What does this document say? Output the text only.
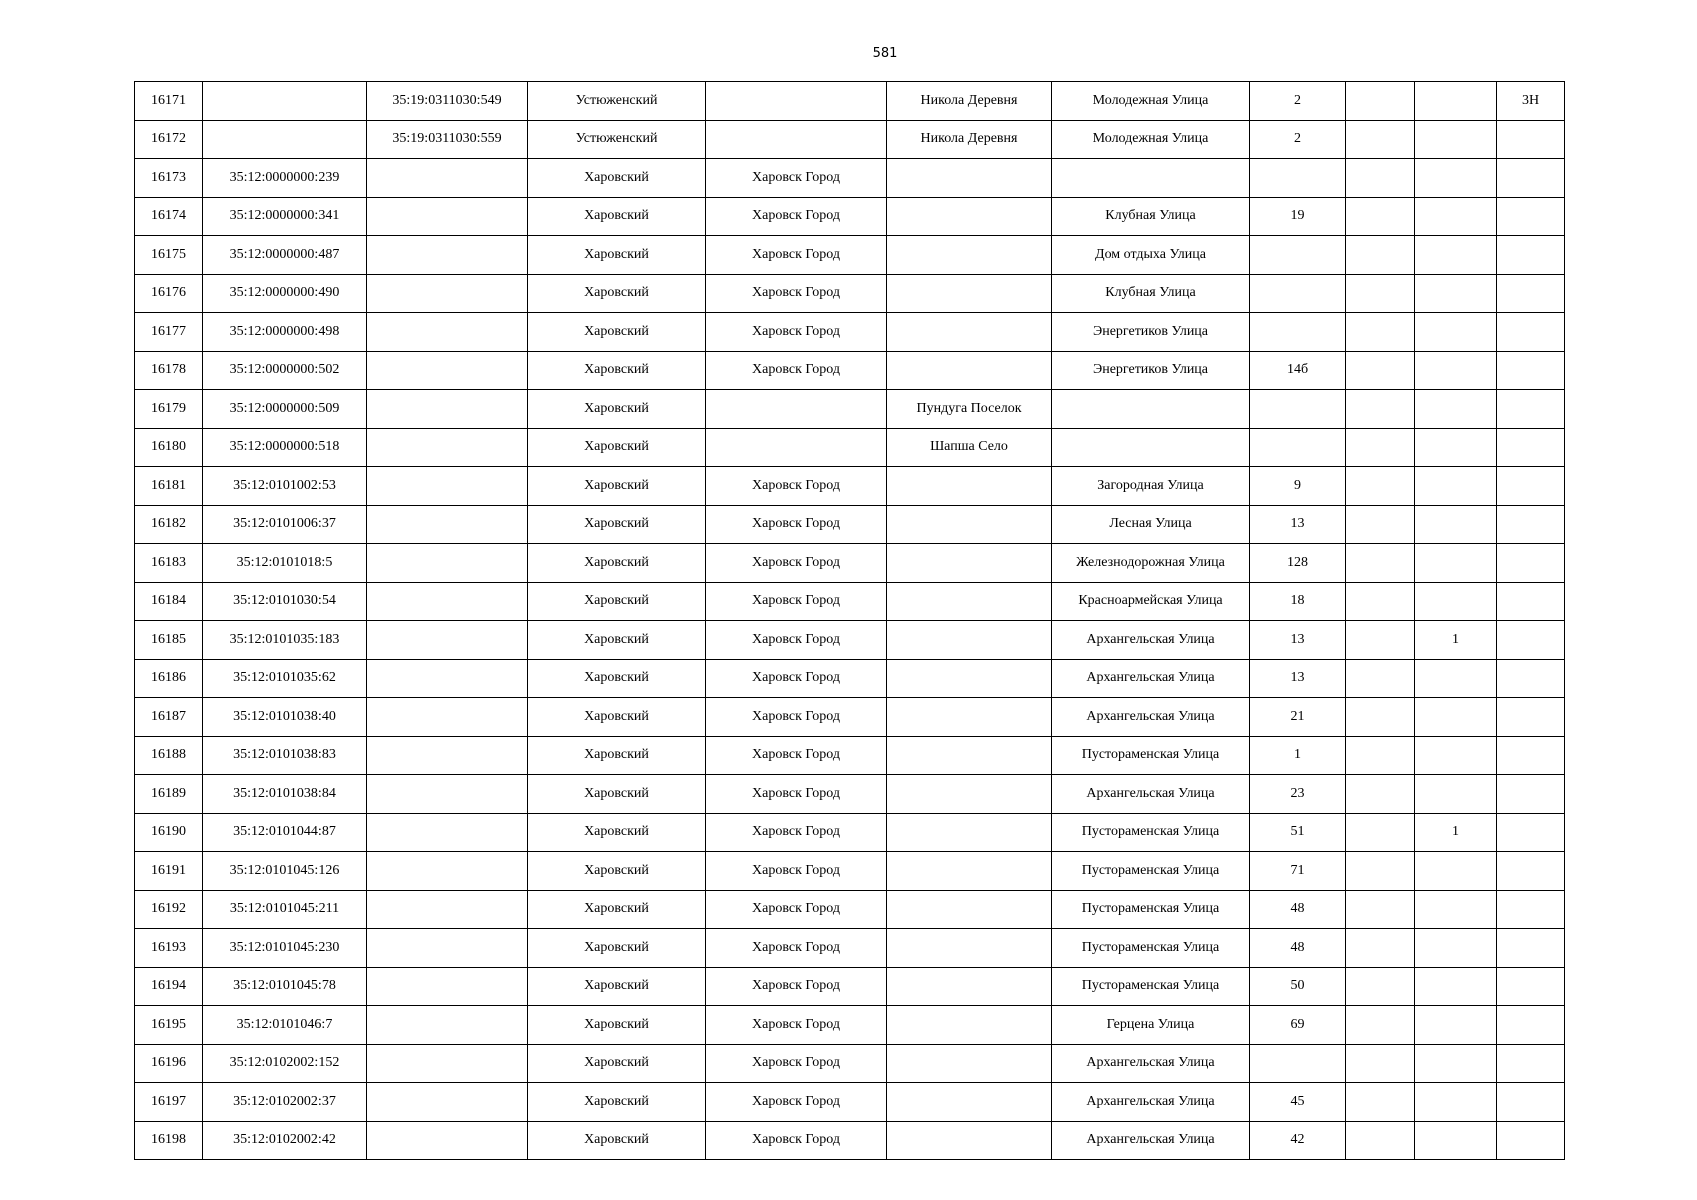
581
16171		35:19:0311030:549	Устюженский		Никола Деревня	Молодежная Улица	2			3Н
16172		35:19:0311030:559	Устюженский		Никола Деревня	Молодежная Улица	2			
16173	35:12:0000000:239		Харовский	Харовск Город						
16174	35:12:0000000:341		Харовский	Харовск Город		Клубная Улица	19			
16175	35:12:0000000:487		Харовский	Харовск Город		Дом отдыха Улица				
16176	35:12:0000000:490		Харовский	Харовск Город		Клубная Улица				
16177	35:12:0000000:498		Харовский	Харовск Город		Энергетиков Улица				
16178	35:12:0000000:502		Харовский	Харовск Город		Энергетиков Улица	14б			
16179	35:12:0000000:509		Харовский		Пундуга Поселок					
16180	35:12:0000000:518		Харовский		Шапша Село					
16181	35:12:0101002:53		Харовский	Харовск Город		Загородная Улица	9			
16182	35:12:0101006:37		Харовский	Харовск Город		Лесная Улица	13			
16183	35:12:0101018:5		Харовский	Харовск Город		Железнодорожная Улица	128			
16184	35:12:0101030:54		Харовский	Харовск Город		Красноармейская Улица	18			
16185	35:12:0101035:183		Харовский	Харовск Город		Архангельская Улица	13		1	
16186	35:12:0101035:62		Харовский	Харовск Город		Архангельская Улица	13			
16187	35:12:0101038:40		Харовский	Харовск Город		Архангельская Улица	21			
16188	35:12:0101038:83		Харовский	Харовск Город		Пустораменская Улица	1			
16189	35:12:0101038:84		Харовский	Харовск Город		Архангельская Улица	23			
16190	35:12:0101044:87		Харовский	Харовск Город		Пустораменская Улица	51		1	
16191	35:12:0101045:126		Харовский	Харовск Город		Пустораменская Улица	71			
16192	35:12:0101045:211		Харовский	Харовск Город		Пустораменская Улица	48			
16193	35:12:0101045:230		Харовский	Харовск Город		Пустораменская Улица	48			
16194	35:12:0101045:78		Харовский	Харовск Город		Пустораменская Улица	50			
16195	35:12:0101046:7		Харовский	Харовск Город		Герцена Улица	69			
16196	35:12:0102002:152		Харовский	Харовск Город		Архангельская Улица				
16197	35:12:0102002:37		Харовский	Харовск Город		Архангельская Улица	45			
16198	35:12:0102002:42		Харовский	Харовск Город		Архангельская Улица	42			
